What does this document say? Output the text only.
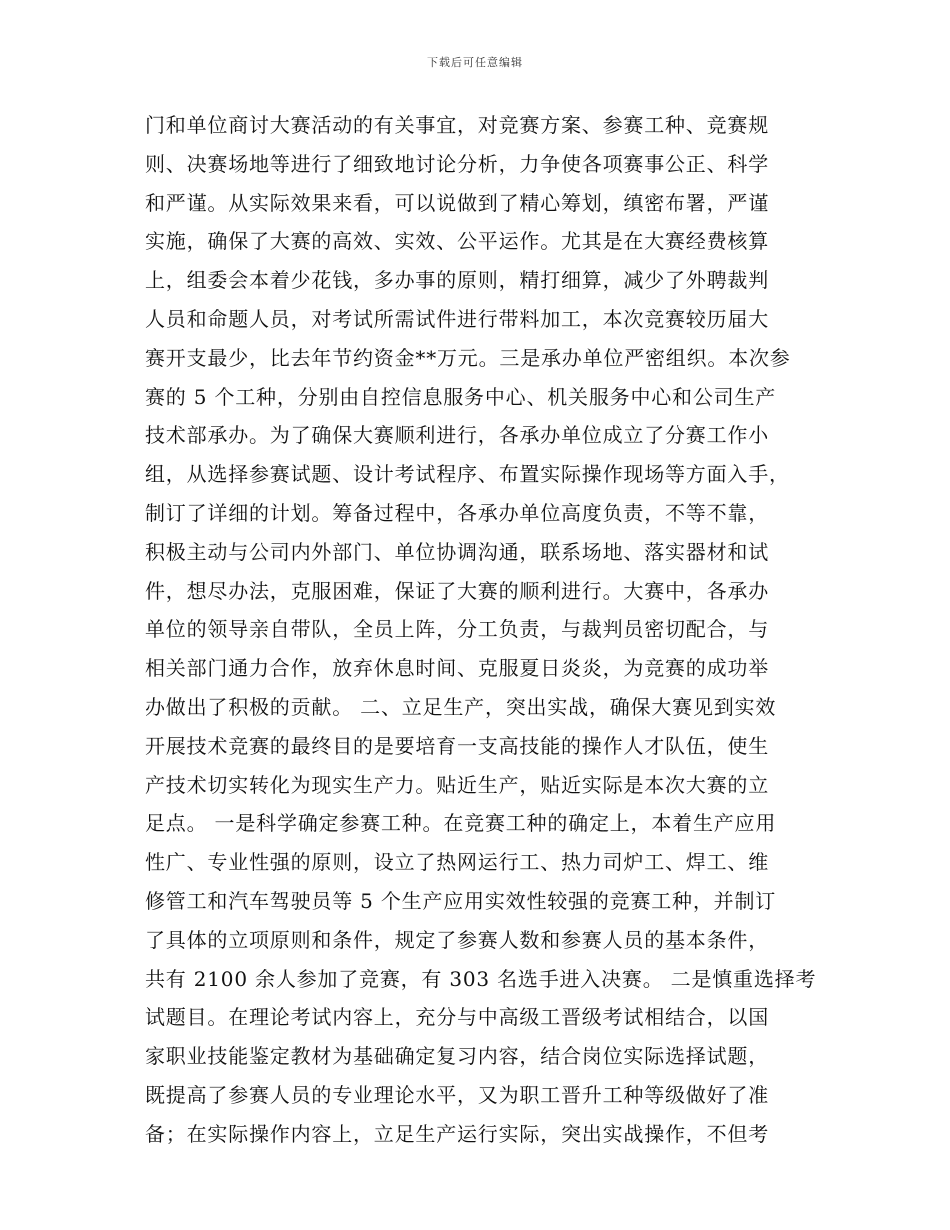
下载后可任意编辑
门和单位商讨大赛活动的有关事宜，对竞赛方案、参赛工种、竞赛规
则、决赛场地等进行了细致地讨论分析，力争使各项赛事公正、科学
和严谨。从实际效果来看，可以说做到了精心筹划，缜密布署，严谨
实施，确保了大赛的高效、实效、公平运作。尤其是在大赛经费核算
上，组委会本着少花钱，多办事的原则，精打细算，减少了外聘裁判
人员和命题人员，对考试所需试件进行带料加工，本次竞赛较历届大
赛开支最少，比去年节约资金**万元。三是承办单位严密组织。本次参
赛的 5 个工种，分别由自控信息服务中心、机关服务中心和公司生产
技术部承办。为了确保大赛顺利进行，各承办单位成立了分赛工作小
组，从选择参赛试题、设计考试程序、布置实际操作现场等方面入手，
制订了详细的计划。筹备过程中，各承办单位高度负责，不等不靠，
积极主动与公司内外部门、单位协调沟通，联系场地、落实器材和试
件，想尽办法，克服困难，保证了大赛的顺利进行。大赛中，各承办
单位的领导亲自带队，全员上阵，分工负责，与裁判员密切配合，与
相关部门通力合作，放弃休息时间、克服夏日炎炎，为竞赛的成功举
办做出了积极的贡献。 二、立足生产，突出实战，确保大赛见到实效
开展技术竞赛的最终目的是要培育一支高技能的操作人才队伍，使生
产技术切实转化为现实生产力。贴近生产，贴近实际是本次大赛的立
足点。 一是科学确定参赛工种。在竞赛工种的确定上，本着生产应用
性广、专业性强的原则，设立了热网运行工、热力司炉工、焊工、维
修管工和汽车驾驶员等 5 个生产应用实效性较强的竞赛工种，并制订
了具体的立项原则和条件，规定了参赛人数和参赛人员的基本条件，
共有 2100 余人参加了竞赛，有 303 名选手进入决赛。 二是慎重选择考
试题目。在理论考试内容上，充分与中高级工晋级考试相结合，以国
家职业技能鉴定教材为基础确定复习内容，结合岗位实际选择试题，
既提高了参赛人员的专业理论水平，又为职工晋升工种等级做好了准
备；在实际操作内容上，立足生产运行实际，突出实战操作，不但考
